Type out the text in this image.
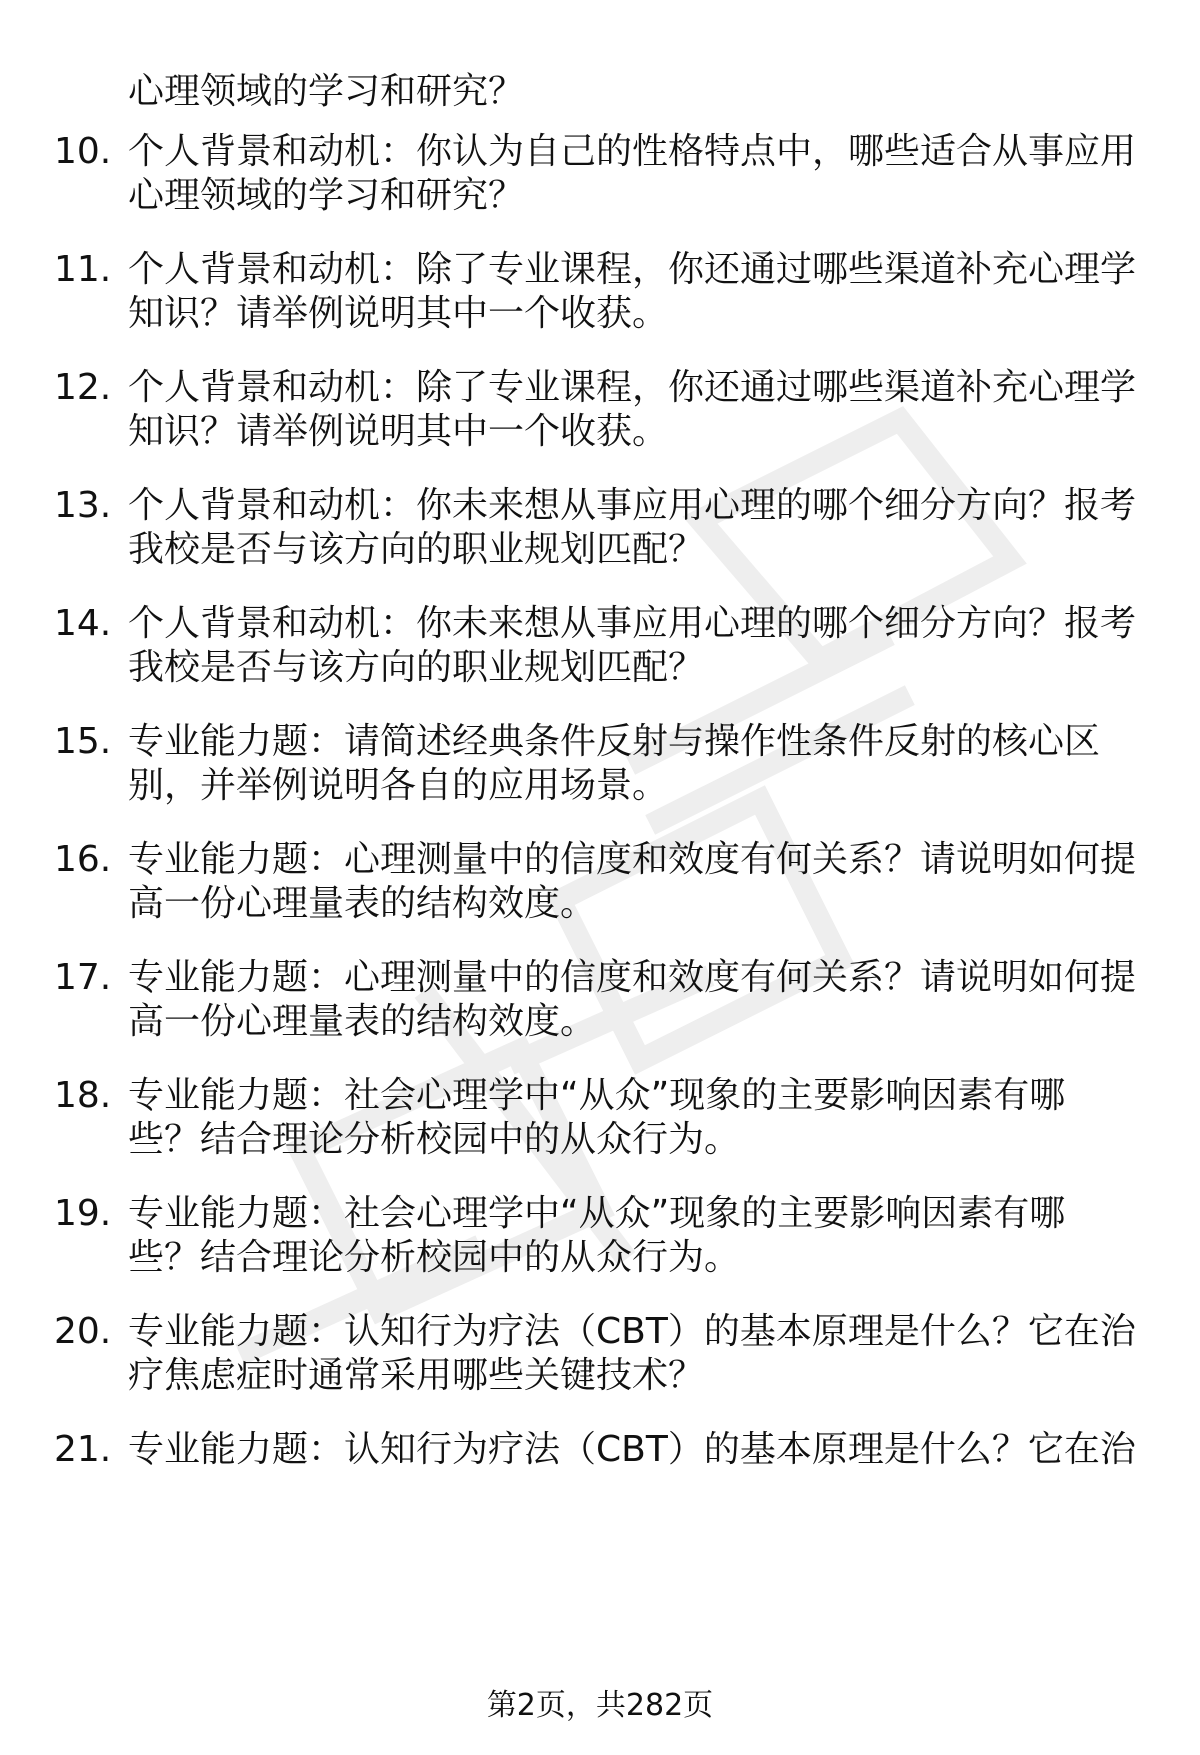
心理领域的学习和研究？
10. 个人背景和动机：你认为自己的性格特点中，哪些适合从事应用
心理领域的学习和研究？
11. 个人背景和动机：除了专业课程，你还通过哪些渠道补充心理学
知识？请举例说明其中一个收获。
12. 个人背景和动机：除了专业课程，你还通过哪些渠道补充心理学
知识？请举例说明其中一个收获。
13. 个人背景和动机：你未来想从事应用心理的哪个细分方向？报考
我校是否与该方向的职业规划匹配？
14. 个人背景和动机：你未来想从事应用心理的哪个细分方向？报考
我校是否与该方向的职业规划匹配？
15. 专业能力题：请简述经典条件反射与操作性条件反射的核心区
别，并举例说明各自的应用场景。
16. 专业能力题：心理测量中的信度和效度有何关系？请说明如何提
高一份心理量表的结构效度。
17. 专业能力题：心理测量中的信度和效度有何关系？请说明如何提
高一份心理量表的结构效度。
18. 专业能力题：社会心理学中“从众”现象的主要影响因素有哪
些？结合理论分析校园中的从众行为。
19. 专业能力题：社会心理学中“从众”现象的主要影响因素有哪
些？结合理论分析校园中的从众行为。
20. 专业能力题：认知行为疗法（CBT）的基本原理是什么？它在治
疗焦虑症时通常采用哪些关键技术？
21. 专业能力题：认知行为疗法（CBT）的基本原理是什么？它在治
第2页，共282页
